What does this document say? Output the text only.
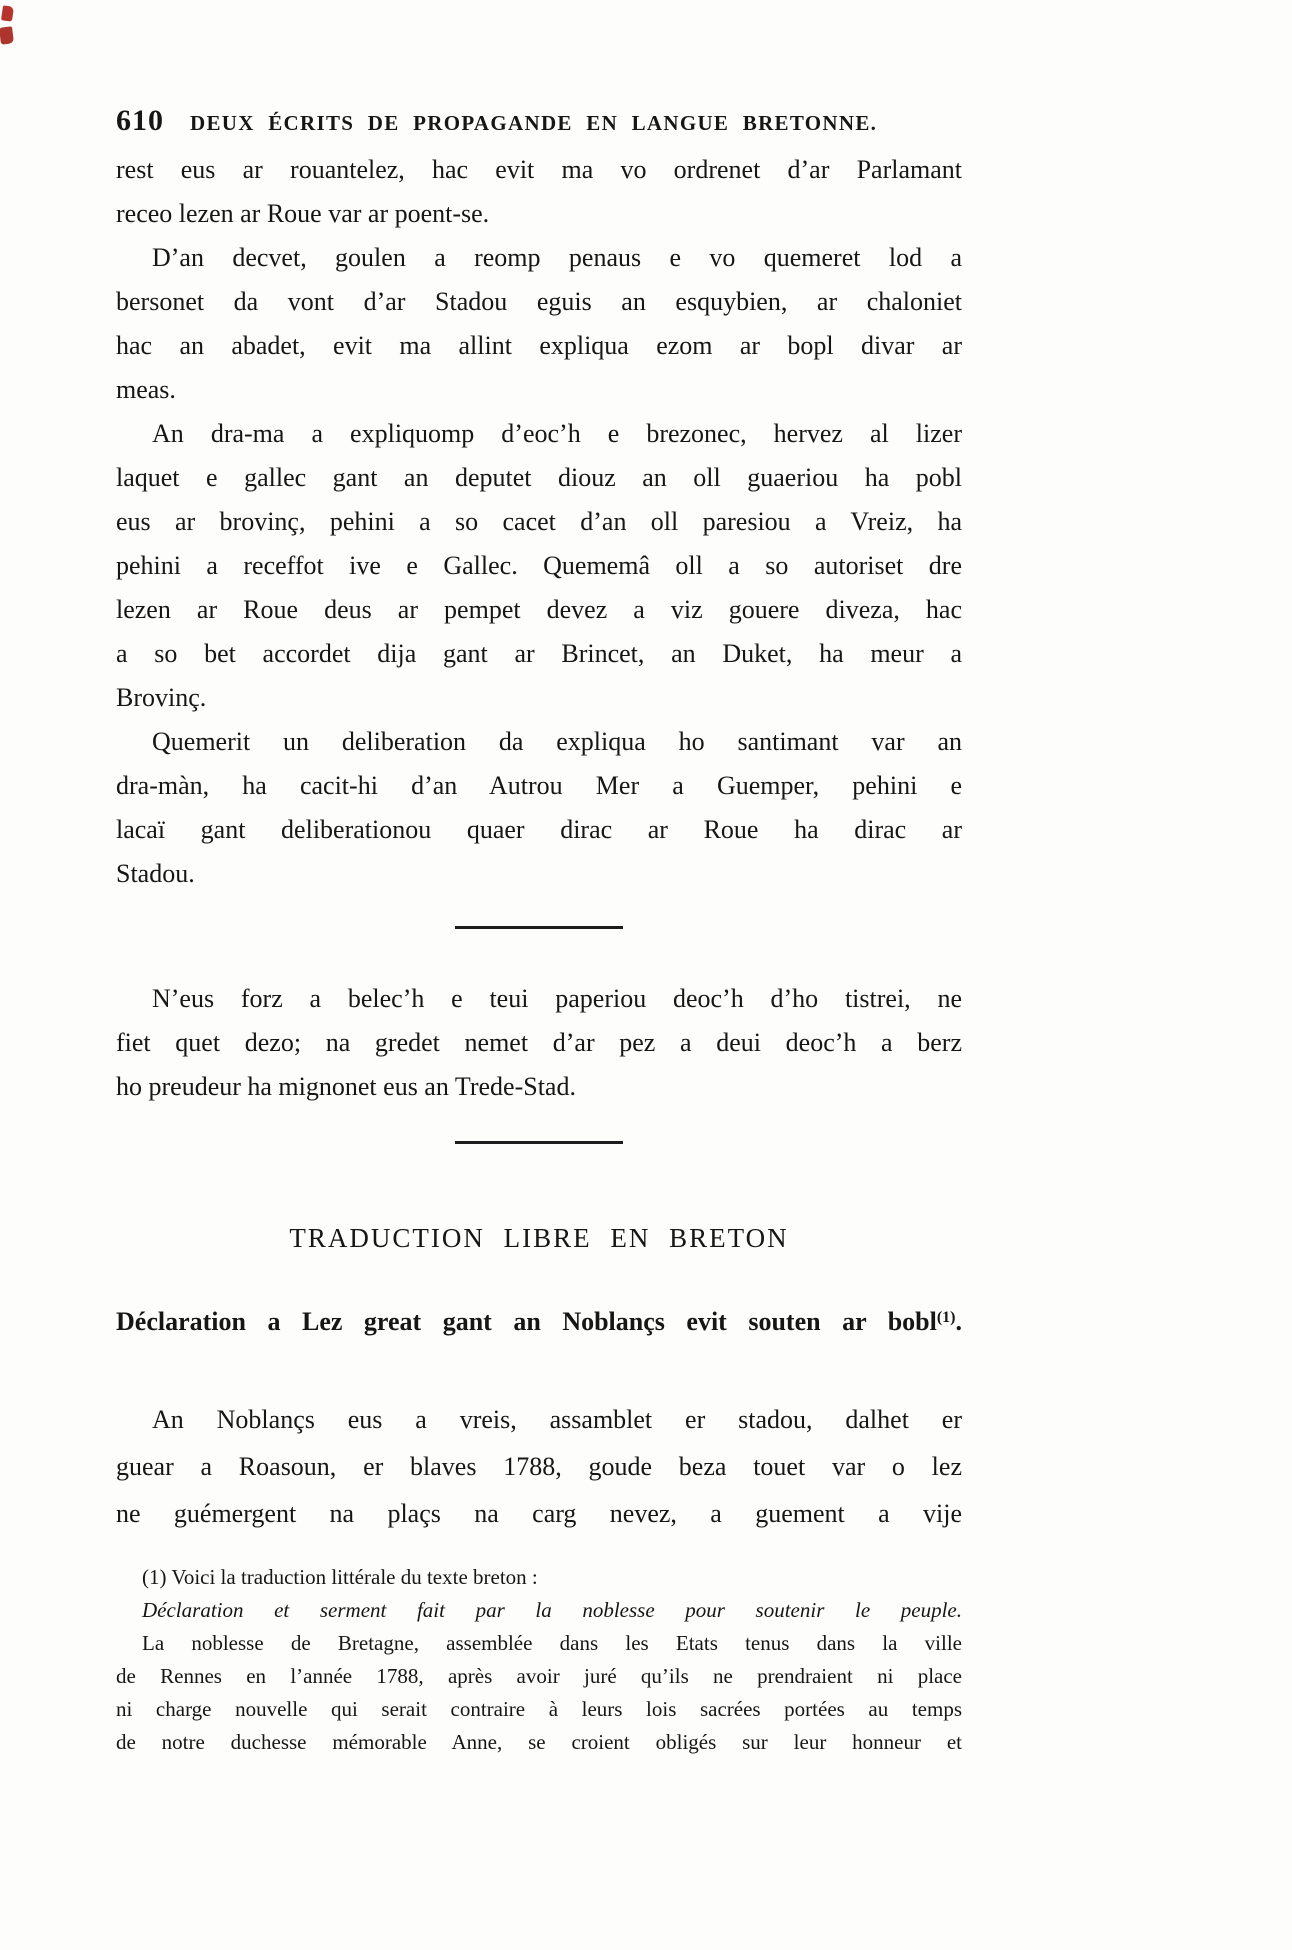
610 DEUX ÉCRITS DE PROPAGANDE EN LANGUE BRETONNE.
rest eus ar rouantelez, hac evit ma vo ordrenet d’ar Parlamant
receo lezen ar Roue var ar poent-se.
D’an decvet, goulen a reomp penaus e vo quemeret lod a
bersonet da vont d’ar Stadou eguis an esquybien, ar chaloniet
hac an abadet, evit ma allint expliqua ezom ar bopl divar ar
meas.
An dra-ma a expliquomp d’eoc’h e brezonec, hervez al lizer
laquet e gallec gant an deputet diouz an oll guaeriou ha pobl
eus ar brovinç, pehini a so cacet d’an oll paresiou a Vreiz, ha
pehini a receffot ive e Gallec. Quememâ oll a so autoriset dre
lezen ar Roue deus ar pempet devez a viz gouere diveza, hac
a so bet accordet dija gant ar Brincet, an Duket, ha meur a
Brovinç.
Quemerit un deliberation da expliqua ho santimant var an
dra-màn, ha cacit-hi d’an Autrou Mer a Guemper, pehini e
lacaï gant deliberationou quaer dirac ar Roue ha dirac ar
Stadou.
N’eus forz a belec’h e teui paperiou deoc’h d’ho tistrei, ne
fiet quet dezo; na gredet nemet d’ar pez a deui deoc’h a berz
ho preudeur ha mignonet eus an Trede-Stad.
TRADUCTION LIBRE EN BRETON
Déclaration a Lez great gant an Noblançs evit souten ar bobl$^{(1)}$.
An Noblançs eus a vreis, assamblet er stadou, dalhet er
guear a Roasoun, er blaves 1788, goude beza touet var o lez
ne guémergent na plaçs na carg nevez, a guement a vije
(1) Voici la traduction littérale du texte breton :
Déclaration et serment fait par la noblesse pour soutenir le peuple.
La noblesse de Bretagne, assemblée dans les Etats tenus dans la ville
de Rennes en l’année 1788, après avoir juré qu’ils ne prendraient ni place
ni charge nouvelle qui serait contraire à leurs lois sacrées portées au temps
de notre duchesse mémorable Anne, se croient obligés sur leur honneur et
